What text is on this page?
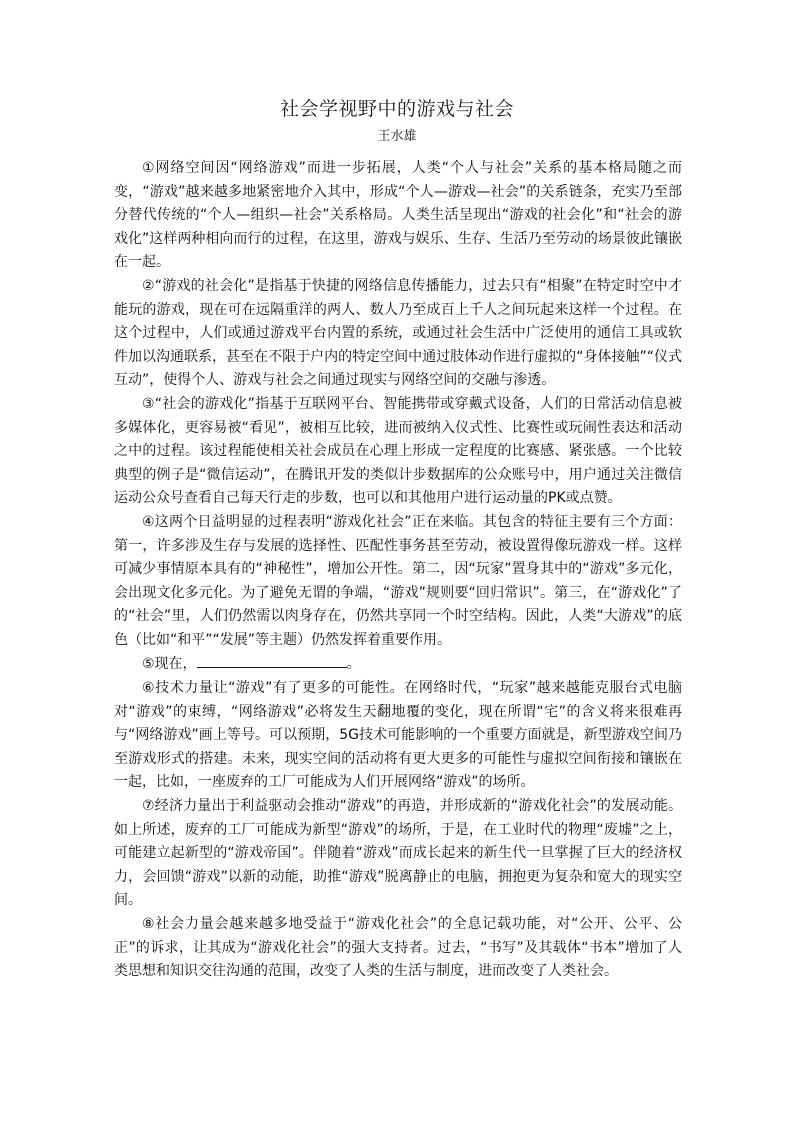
社会学视野中的游戏与社会
王水雄

①网络空间因“网络游戏”而进一步拓展，人类“个人与社会”关系的基本格局随之而变，“游戏”越来越多地紧密地介入其中，形成“个人—游戏—社会”的关系链条，充实乃至部分替代传统的“个人—组织—社会”关系格局。人类生活呈现出“游戏的社会化”和“社会的游戏化”这样两种相向而行的过程，在这里，游戏与娱乐、生存、生活乃至劳动的场景彼此镶嵌在一起。

②“游戏的社会化”是指基于快捷的网络信息传播能力，过去只有“相聚”在特定时空中才能玩的游戏，现在可在远隔重洋的两人、数人乃至成百上千人之间玩起来这样一个过程。在这个过程中，人们或通过游戏平台内置的系统，或通过社会生活中广泛使用的通信工具或软件加以沟通联系，甚至在不限于户内的特定空间中通过肢体动作进行虚拟的“身体接触”“仪式互动”，使得个人、游戏与社会之间通过现实与网络空间的交融与渗透。

③“社会的游戏化”指基于互联网平台、智能携带或穿戴式设备，人们的日常活动信息被多媒体化，更容易被“看见”，被相互比较，进而被纳入仪式性、比赛性或玩闹性表达和活动之中的过程。该过程能使相关社会成员在心理上形成一定程度的比赛感、紧张感。一个比较典型的例子是“微信运动”，在腾讯开发的类似计步数据库的公众账号中，用户通过关注微信运动公众号查看自己每天行走的步数，也可以和其他用户进行运动量的PK或点赞。

④这两个日益明显的过程表明“游戏化社会”正在来临。其包含的特征主要有三个方面：第一，许多涉及生存与发展的选择性、匹配性事务甚至劳动，被设置得像玩游戏一样。这样可减少事情原本具有的“神秘性”，增加公开性。第二，因“玩家”置身其中的“游戏”多元化，会出现文化多元化。为了避免无谓的争端，“游戏”规则要“回归常识”。第三，在“游戏化”了的“社会”里，人们仍然需以肉身存在，仍然共享同一个时空结构。因此，人类“大游戏”的底色（比如“和平”“发展”等主题）仍然发挥着重要作用。

⑤现在，	。

⑥技术力量让“游戏”有了更多的可能性。在网络时代，“玩家”越来越能克服台式电脑对“游戏”的束缚，“网络游戏”必将发生天翻地覆的变化，现在所谓“宅”的含义将来很难再与“网络游戏”画上等号。可以预期，5G技术可能影响的一个重要方面就是，新型游戏空间乃至游戏形式的搭建。未来，现实空间的活动将有更大更多的可能性与虚拟空间衔接和镶嵌在一起，比如，一座废弃的工厂可能成为人们开展网络“游戏”的场所。

⑦经济力量出于利益驱动会推动“游戏”的再造，并形成新的“游戏化社会”的发展动能。如上所述，废弃的工厂可能成为新型“游戏”的场所，于是，在工业时代的物理“废墟”之上，可能建立起新型的“游戏帝国”。伴随着“游戏”而成长起来的新生代一旦掌握了巨大的经济权力，会回馈“游戏”以新的动能，助推“游戏”脱离静止的电脑，拥抱更为复杂和宽大的现实空间。

⑧社会力量会越来越多地受益于“游戏化社会”的全息记载功能，对“公开、公平、公正”的诉求，让其成为“游戏化社会”的强大支持者。过去，“书写”及其载体“书本”增加了人类思想和知识交往沟通的范围，改变了人类的生活与制度，进而改变了人类社会。
